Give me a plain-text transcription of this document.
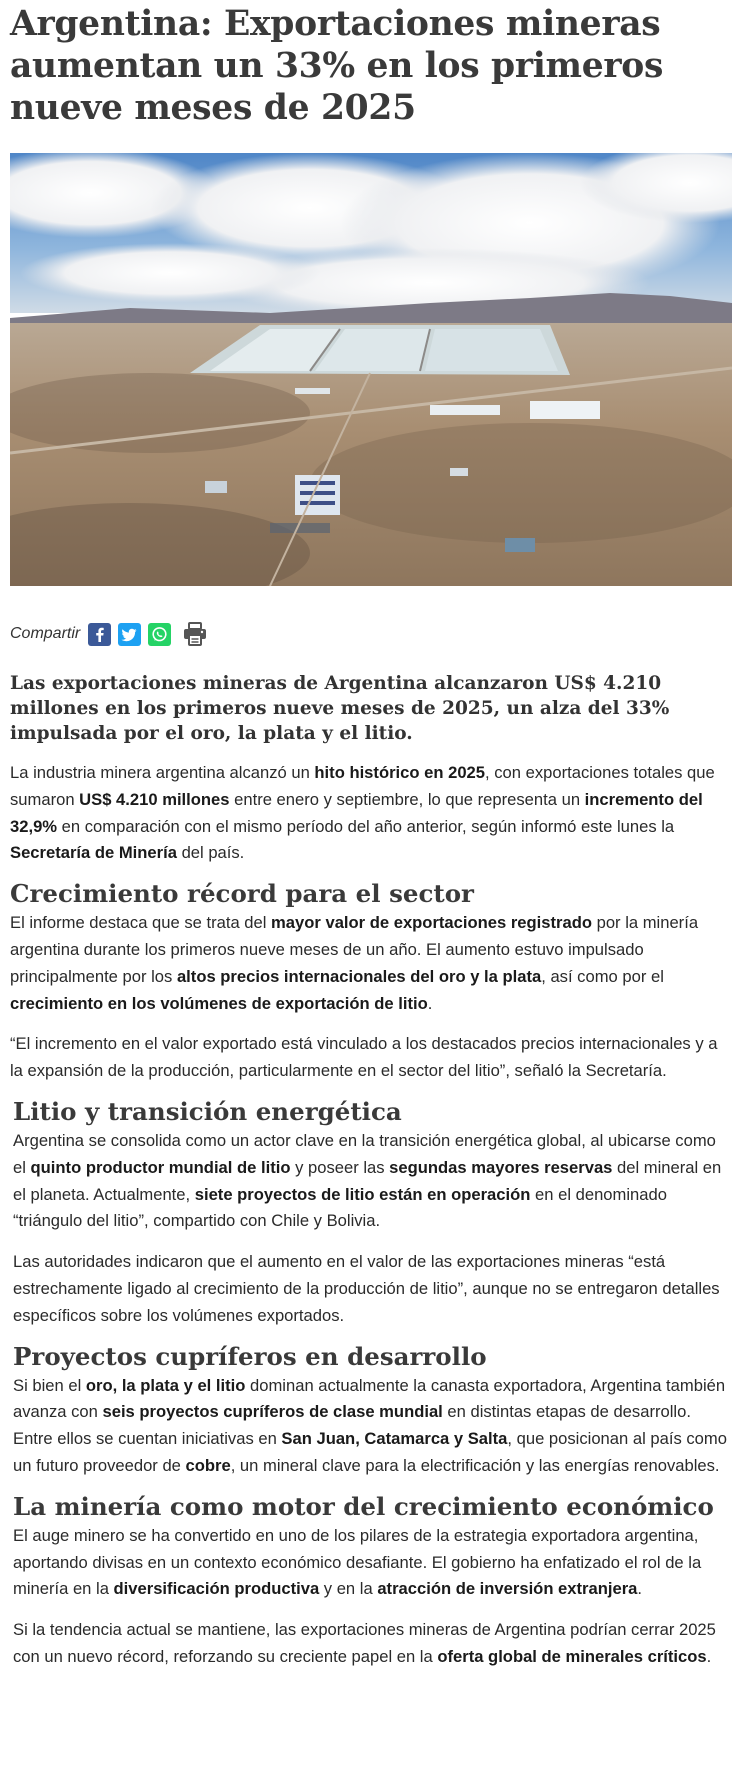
Argentina: Exportaciones mineras aumentan un 33% en los primeros nueve meses de 2025
Compartir

Las exportaciones mineras de Argentina alcanzaron US$ 4.210 millones en los primeros nueve meses de 2025, un alza del 33% impulsada por el oro, la plata y el litio.

La industria minera argentina alcanzó un hito histórico en 2025, con exportaciones totales que sumaron US$ 4.210 millones entre enero y septiembre, lo que representa un incremento del 32,9% en comparación con el mismo período del año anterior, según informó este lunes la Secretaría de Minería del país.

Crecimiento récord para el sector

El informe destaca que se trata del mayor valor de exportaciones registrado por la minería argentina durante los primeros nueve meses de un año. El aumento estuvo impulsado principalmente por los altos precios internacionales del oro y la plata, así como por el crecimiento en los volúmenes de exportación de litio.

“El incremento en el valor exportado está vinculado a los destacados precios internacionales y a la expansión de la producción, particularmente en el sector del litio”, señaló la Secretaría.

Litio y transición energética

Argentina se consolida como un actor clave en la transición energética global, al ubicarse como el quinto productor mundial de litio y poseer las segundas mayores reservas del mineral en el planeta. Actualmente, siete proyectos de litio están en operación en el denominado “triángulo del litio”, compartido con Chile y Bolivia.

Las autoridades indicaron que el aumento en el valor de las exportaciones mineras “está estrechamente ligado al crecimiento de la producción de litio”, aunque no se entregaron detalles específicos sobre los volúmenes exportados.

Proyectos cupríferos en desarrollo

Si bien el oro, la plata y el litio dominan actualmente la canasta exportadora, Argentina también avanza con seis proyectos cupríferos de clase mundial en distintas etapas de desarrollo. Entre ellos se cuentan iniciativas en San Juan, Catamarca y Salta, que posicionan al país como un futuro proveedor de cobre, un mineral clave para la electrificación y las energías renovables.

La minería como motor del crecimiento económico

El auge minero se ha convertido en uno de los pilares de la estrategia exportadora argentina, aportando divisas en un contexto económico desafiante. El gobierno ha enfatizado el rol de la minería en la diversificación productiva y en la atracción de inversión extranjera.

Si la tendencia actual se mantiene, las exportaciones mineras de Argentina podrían cerrar 2025 con un nuevo récord, reforzando su creciente papel en la oferta global de minerales críticos.
